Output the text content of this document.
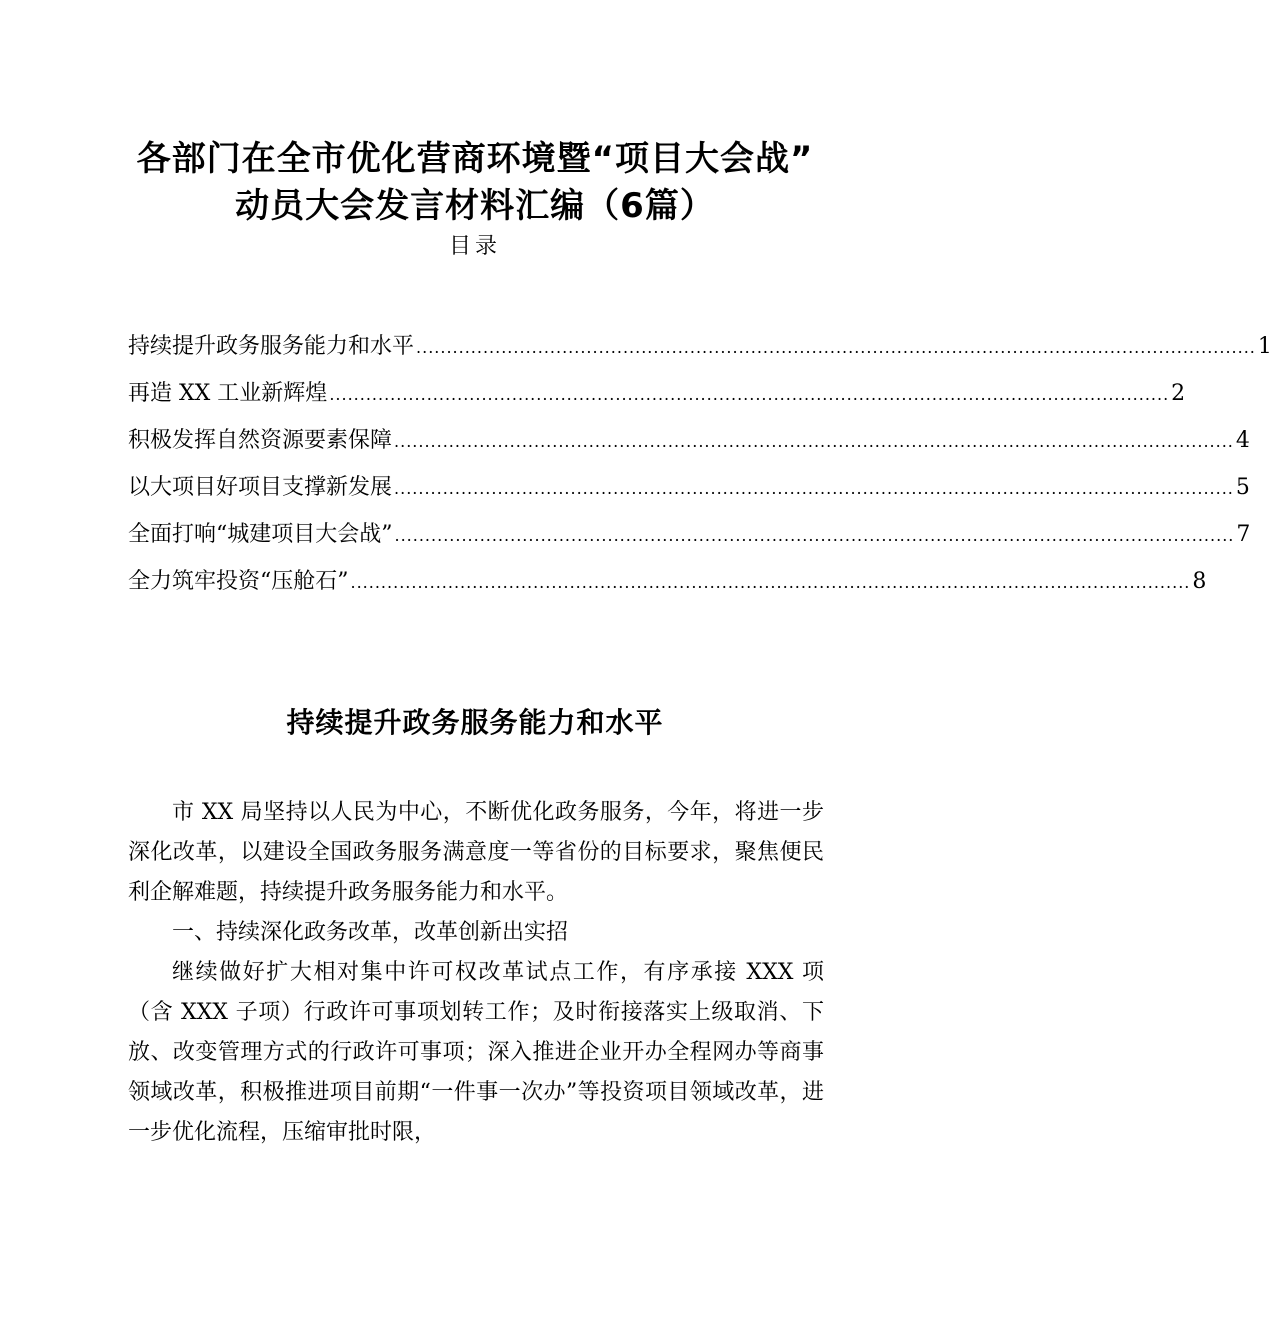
各部门在全市优化营商环境暨“项目大会战”
动员大会发言材料汇编（6篇）
目录
持续提升政务服务能力和水平 .......................................................................................................................................... 1
再造 XX 工业新辉煌 .......................................................................................................................................... 2
积极发挥自然资源要素保障 .......................................................................................................................................... 4
以大项目好项目支撑新发展 .......................................................................................................................................... 5
全面打响“城建项目大会战” .......................................................................................................................................... 7
全力筑牢投资“压舱石” .......................................................................................................................................... 8
持续提升政务服务能力和水平

市 XX 局坚持以人民为中心，不断优化政务服务，今年，将进一步深化改革，以建设全国政务服务满意度一等省份的目标要求，聚焦便民利企解难题，持续提升政务服务能力和水平。

一、持续深化政务改革，改革创新出实招

继续做好扩大相对集中许可权改革试点工作，有序承接 XXX 项（含 XXX 子项）行政许可事项划转工作；及时衔接落实上级取消、下放、改变管理方式的行政许可事项；深入推进企业开办全程网办等商事领域改革，积极推进项目前期“一件事一次办”等投资项目领域改革，进一步优化流程，压缩审批时限，
